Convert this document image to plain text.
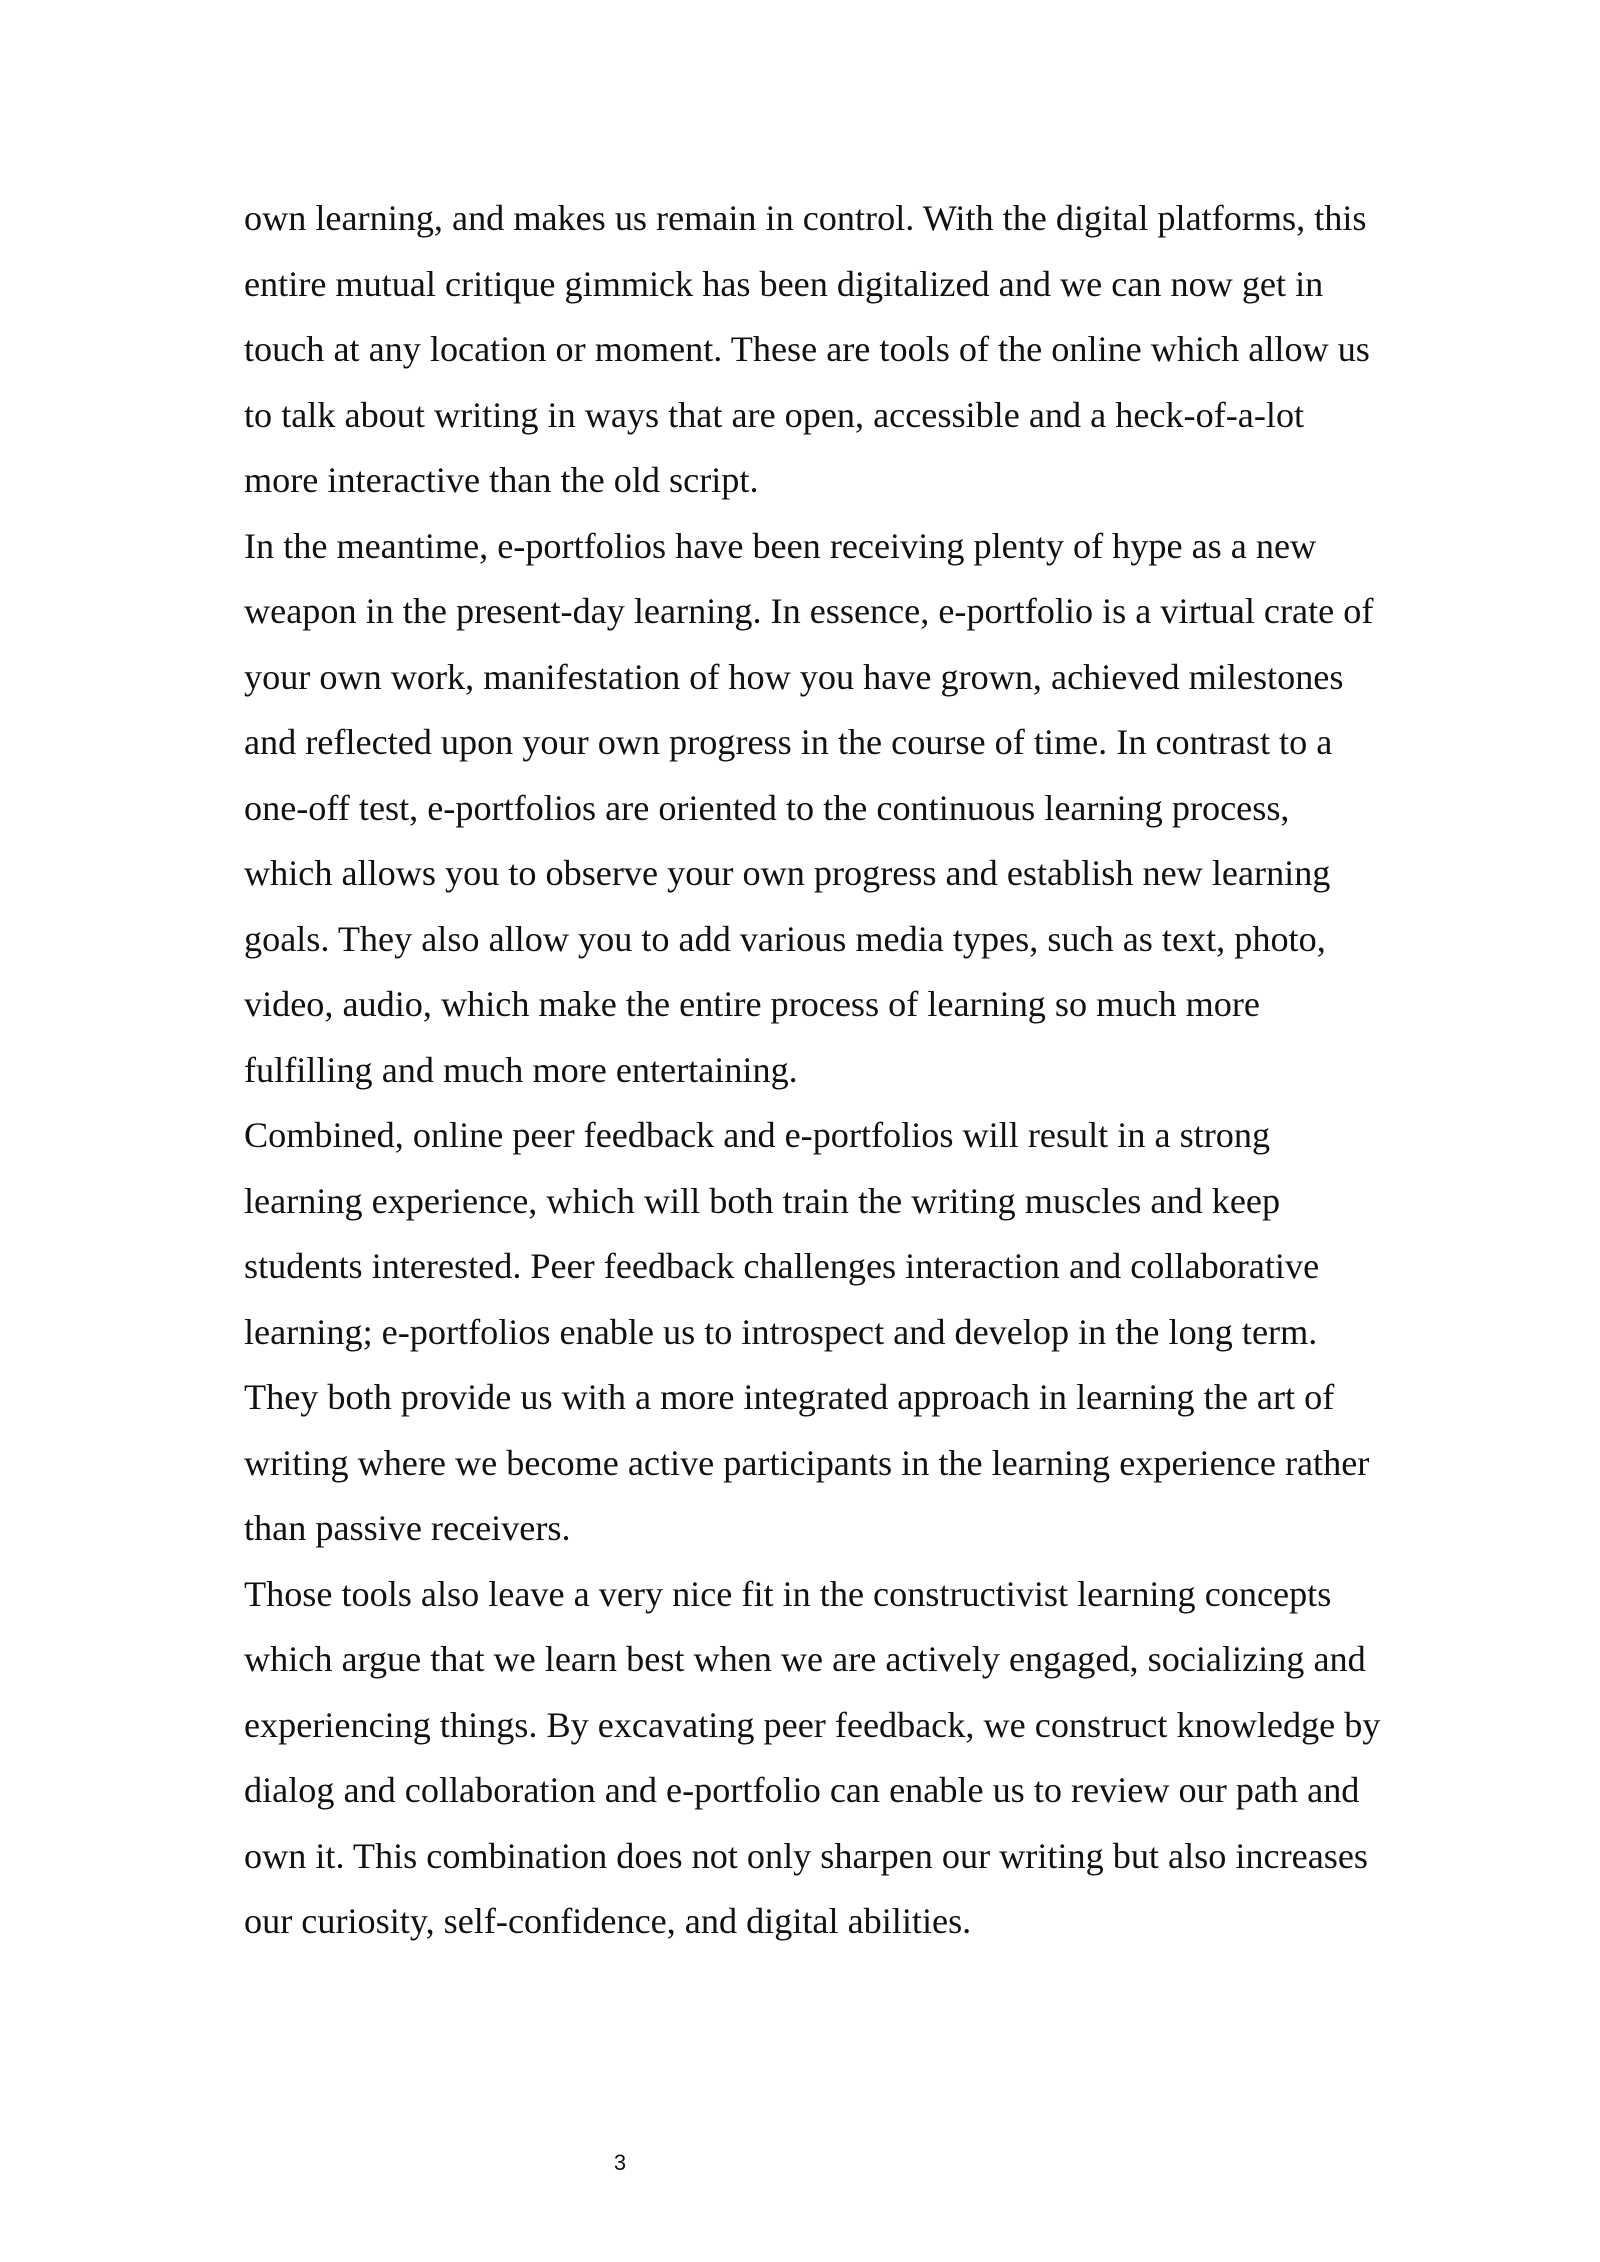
own learning, and makes us remain in control. With the digital platforms, this entire mutual critique gimmick has been digitalized and we can now get in touch at any location or moment. These are tools of the online which allow us to talk about writing in ways that are open, accessible and a heck-of-a-lot more interactive than the old script.

In the meantime, e-portfolios have been receiving plenty of hype as a new weapon in the present-day learning. In essence, e-portfolio is a virtual crate of your own work, manifestation of how you have grown, achieved milestones and reflected upon your own progress in the course of time. In contrast to a one-off test, e-portfolios are oriented to the continuous learning process, which allows you to observe your own progress and establish new learning goals. They also allow you to add various media types, such as text, photo, video, audio, which make the entire process of learning so much more fulfilling and much more entertaining.

Combined, online peer feedback and e-portfolios will result in a strong learning experience, which will both train the writing muscles and keep students interested. Peer feedback challenges interaction and collaborative learning; e-portfolios enable us to introspect and develop in the long term. They both provide us with a more integrated approach in learning the art of writing where we become active participants in the learning experience rather than passive receivers.

Those tools also leave a very nice fit in the constructivist learning concepts which argue that we learn best when we are actively engaged, socializing and experiencing things. By excavating peer feedback, we construct knowledge by dialog and collaboration and e-portfolio can enable us to review our path and own it. This combination does not only sharpen our writing but also increases our curiosity, self-confidence, and digital abilities.

3
